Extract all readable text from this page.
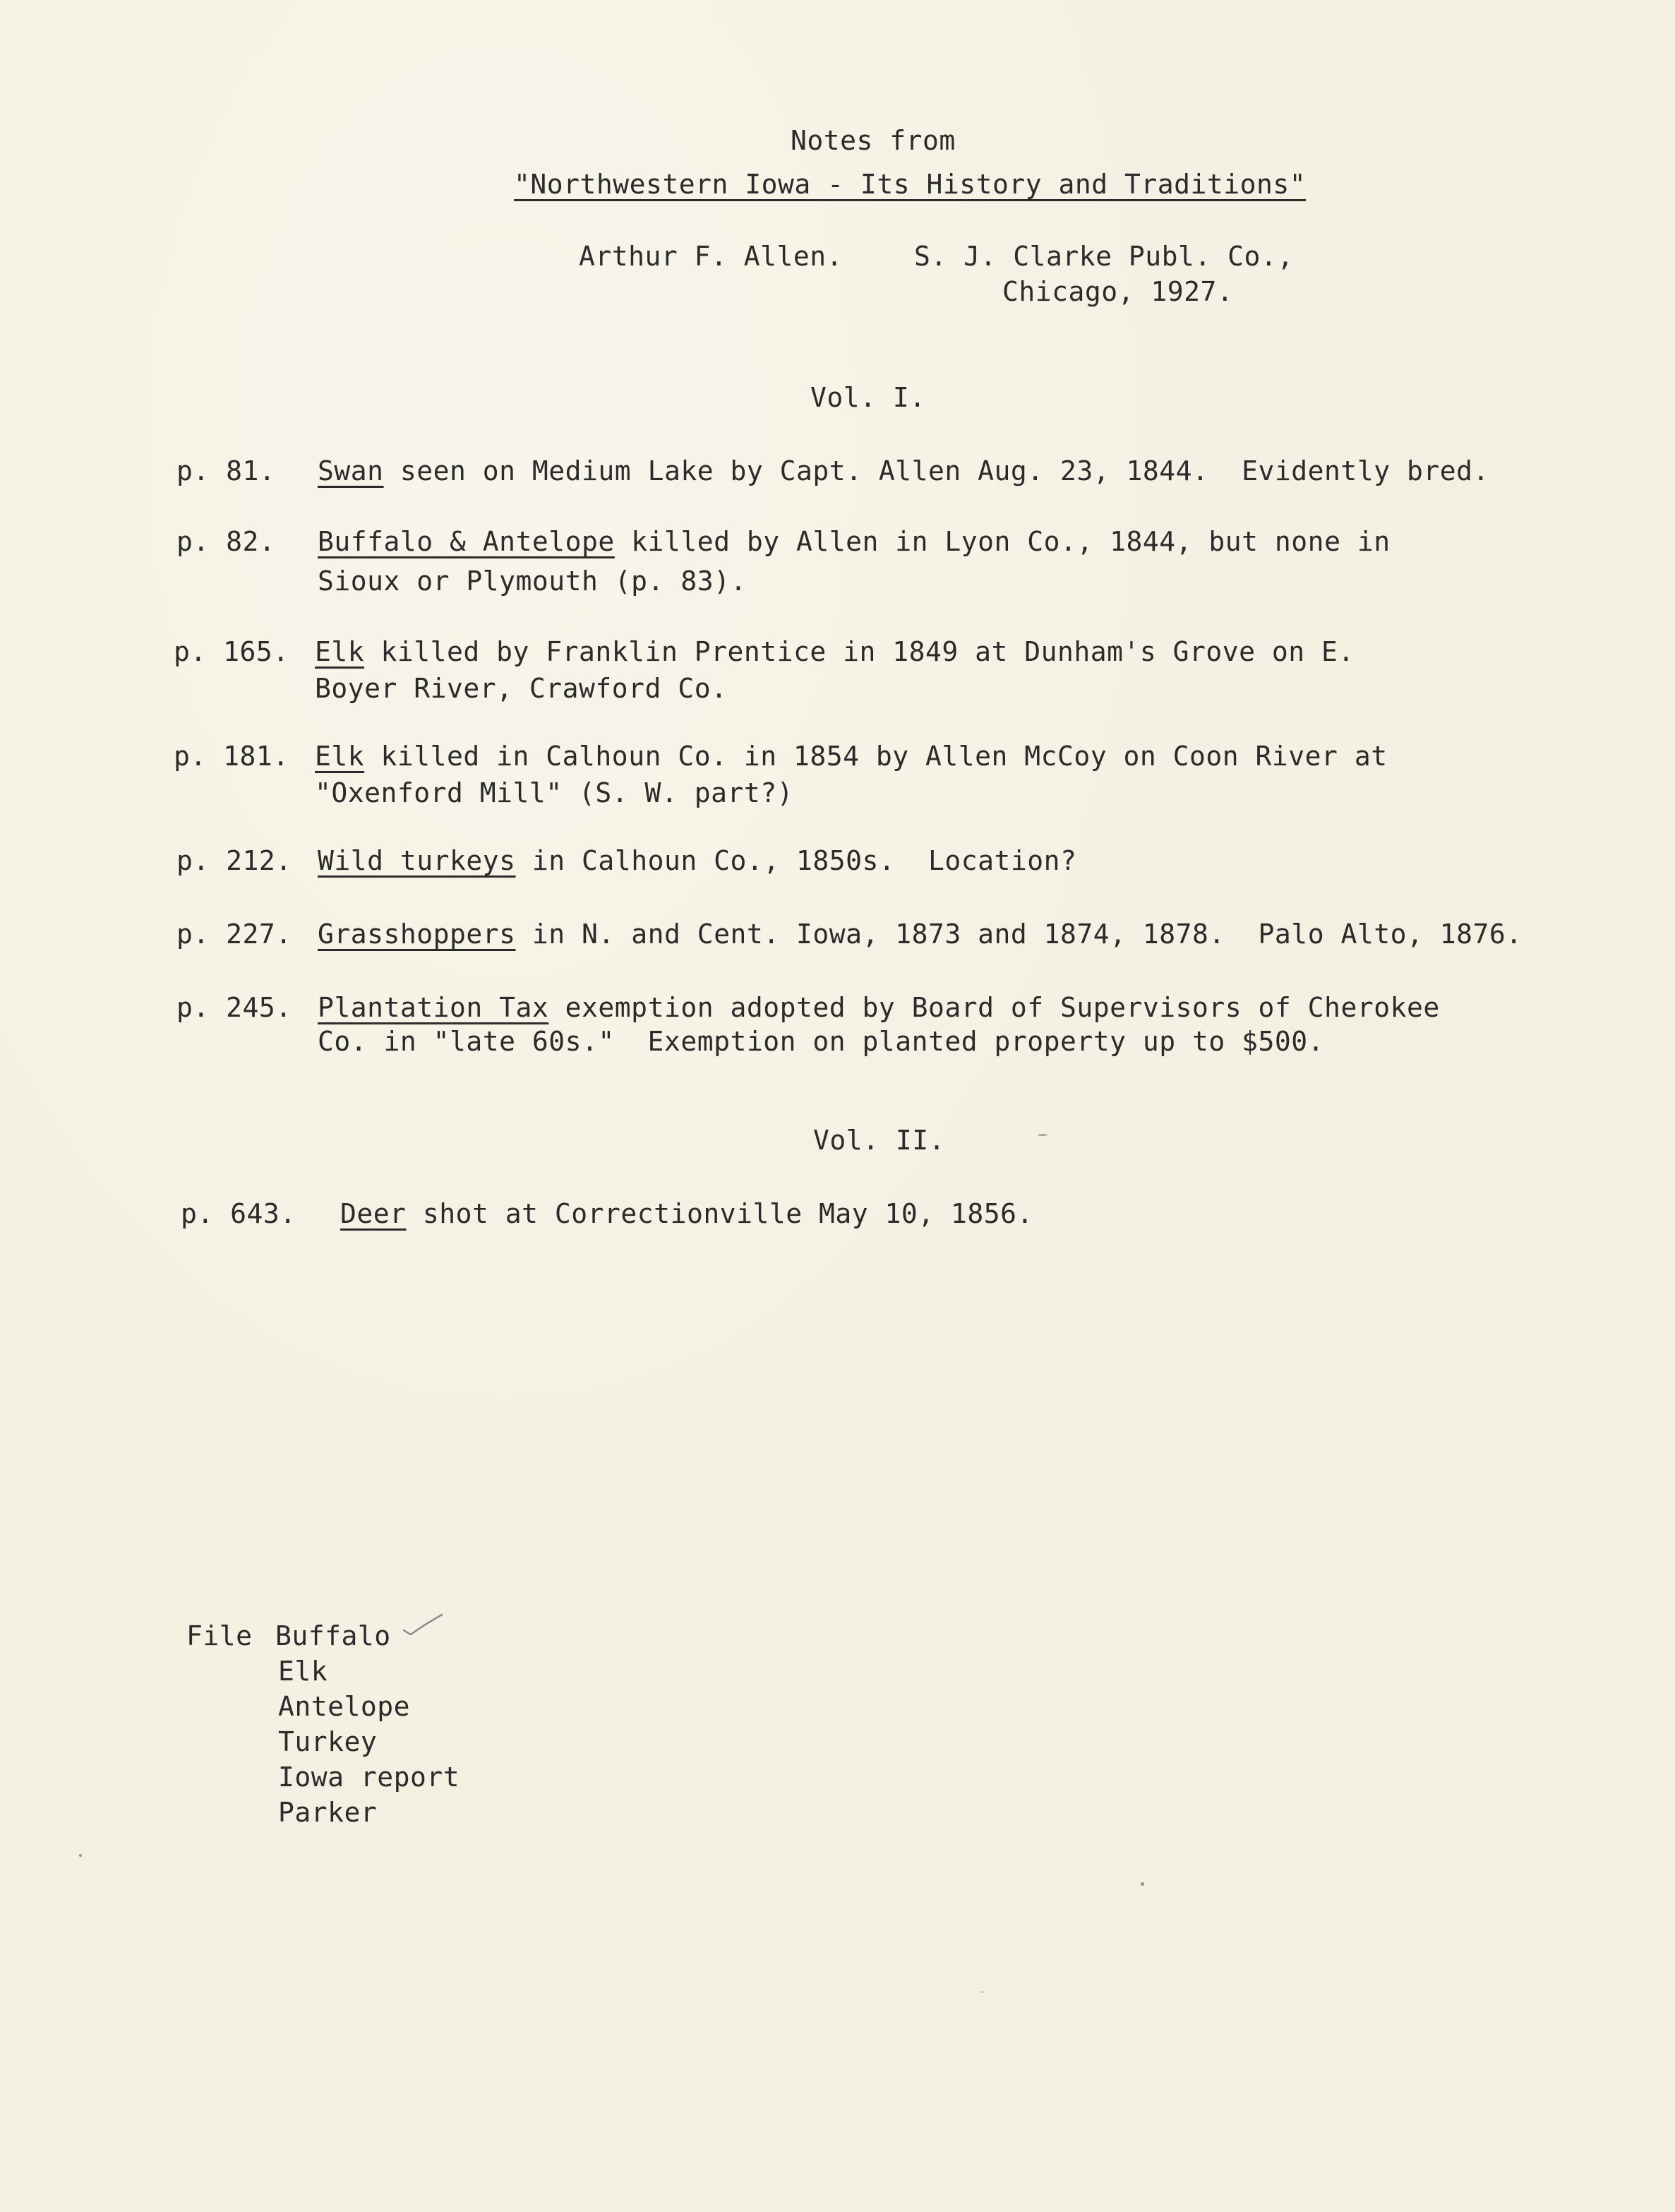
Notes from
"Northwestern Iowa - Its History and Traditions"
Arthur F. Allen.	S. J. Clarke Publ. Co.,
Chicago, 1927.
Vol. I.
p. 81. Swan seen on Medium Lake by Capt. Allen Aug. 23, 1844.  Evidently bred.
p. 82. Buffalo & Antelope killed by Allen in Lyon Co., 1844, but none in
Sioux or Plymouth (p. 83).
p. 165. Elk killed by Franklin Prentice in 1849 at Dunham's Grove on E.
Boyer River, Crawford Co.
p. 181. Elk killed in Calhoun Co. in 1854 by Allen McCoy on Coon River at
"Oxenford Mill" (S. W. part?)
p. 212. Wild turkeys in Calhoun Co., 1850s.  Location?
p. 227. Grasshoppers in N. and Cent. Iowa, 1873 and 1874, 1878.  Palo Alto, 1876.
p. 245. Plantation Tax exemption adopted by Board of Supervisors of Cherokee
Co. in "late 60s."  Exemption on planted property up to $500.
Vol. II.
p. 643. Deer shot at Correctionville May 10, 1856.
File Buffalo
Elk
Antelope
Turkey
Iowa report
Parker
